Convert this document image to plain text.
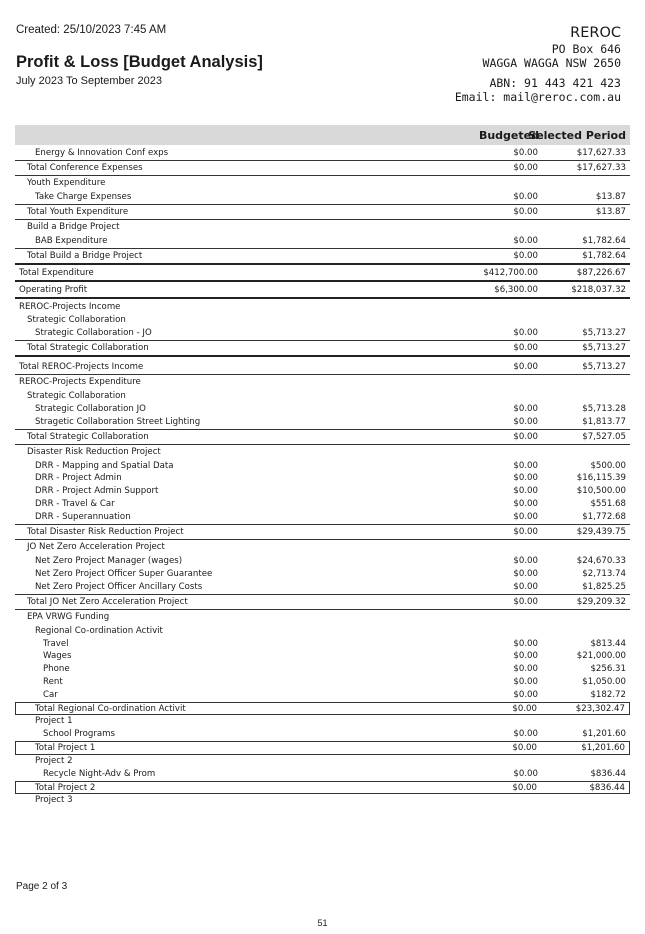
Created: 25/10/2023 7:45 AM
Profit & Loss [Budget Analysis]
July 2023 To September 2023
REROC
PO Box 646
WAGGA WAGGA NSW 2650
ABN: 91 443 421 423
Email: mail@reroc.com.au
Budgeted
Selected Period
Energy & Innovation Conf exps	$0.00	$17,627.33
Total Conference Expenses	$0.00	$17,627.33
Youth Expenditure
Take Charge Expenses	$0.00	$13.87
Total Youth Expenditure	$0.00	$13.87
Build a Bridge Project
BAB Expenditure	$0.00	$1,782.64
Total Build a Bridge Project	$0.00	$1,782.64
Total Expenditure	$412,700.00	$87,226.67
Operating Profit	$6,300.00	$218,037.32
REROC-Projects Income
Strategic Collaboration
Strategic Collaboration - JO	$0.00	$5,713.27
Total Strategic Collaboration	$0.00	$5,713.27
Total REROC-Projects Income	$0.00	$5,713.27
REROC-Projects Expenditure
Strategic Collaboration
Strategic Collaboration JO	$0.00	$5,713.28
Stragetic Collaboration Street Lighting	$0.00	$1,813.77
Total Strategic Collaboration	$0.00	$7,527.05
Disaster Risk Reduction Project
DRR - Mapping and Spatial Data	$0.00	$500.00
DRR - Project Admin	$0.00	$16,115.39
DRR - Project Admin Support	$0.00	$10,500.00
DRR - Travel & Car	$0.00	$551.68
DRR - Superannuation	$0.00	$1,772.68
Total Disaster Risk Reduction Project	$0.00	$29,439.75
JO Net Zero Acceleration Project
Net Zero Project Manager (wages)	$0.00	$24,670.33
Net Zero Project Officer Super Guarantee	$0.00	$2,713.74
Net Zero Project Officer Ancillary Costs	$0.00	$1,825.25
Total JO Net Zero Acceleration Project	$0.00	$29,209.32
EPA VRWG Funding
Regional Co-ordination Activit
Travel	$0.00	$813.44
Wages	$0.00	$21,000.00
Phone	$0.00	$256.31
Rent	$0.00	$1,050.00
Car	$0.00	$182.72
Total Regional Co-ordination Activit	$0.00	$23,302.47
Project 1
School Programs	$0.00	$1,201.60
Total Project 1	$0.00	$1,201.60
Project 2
Recycle Night-Adv & Prom	$0.00	$836.44
Total Project 2	$0.00	$836.44
Project 3
Page 2 of 3
51
